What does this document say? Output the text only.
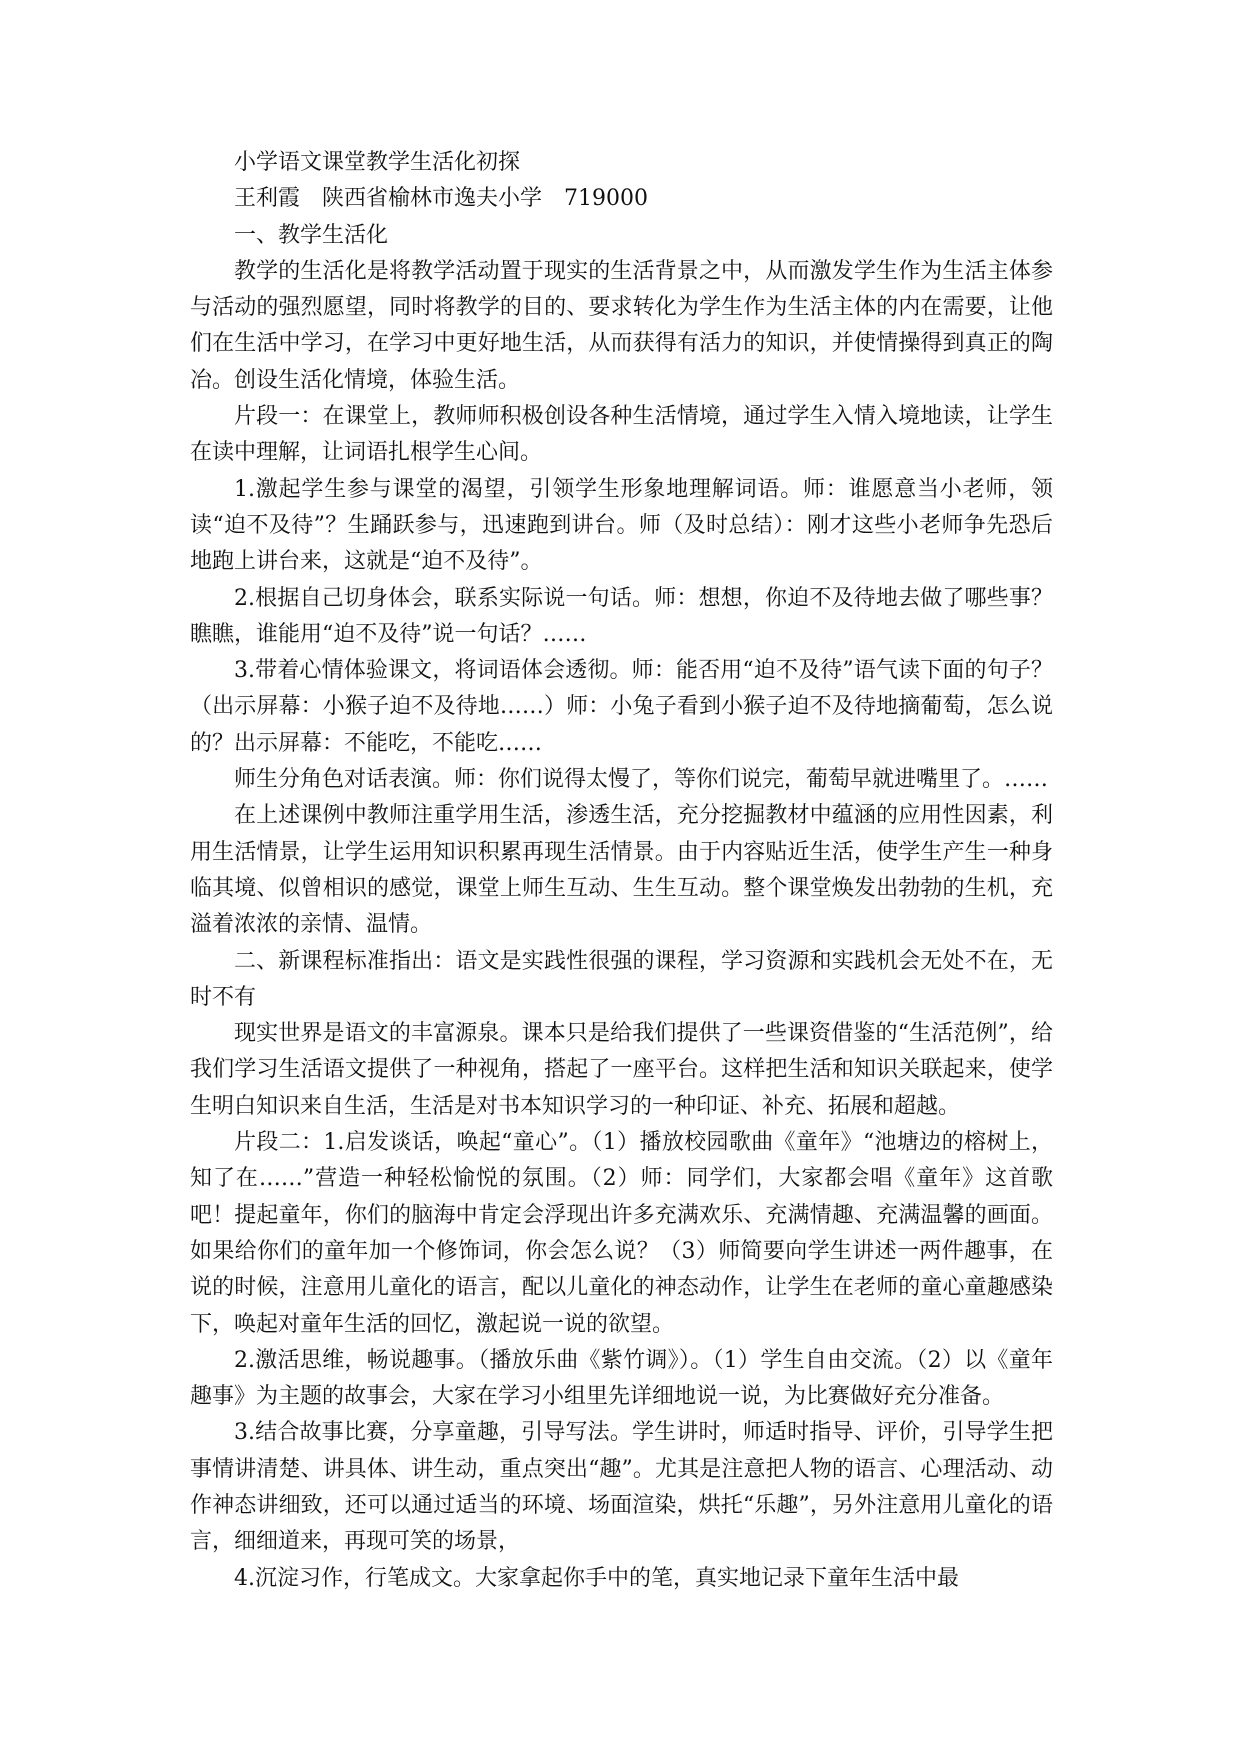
小学语文课堂教学生活化初探

王利霞　陕西省榆林市逸夫小学　719000

一、教学生活化

教学的生活化是将教学活动置于现实的生活背景之中，从而激发学生作为生活主体参与活动的强烈愿望，同时将教学的目的、要求转化为学生作为生活主体的内在需要，让他们在生活中学习，在学习中更好地生活，从而获得有活力的知识，并使情操得到真正的陶冶。创设生活化情境，体验生活。

片段一：在课堂上，教师师积极创设各种生活情境，通过学生入情入境地读，让学生在读中理解，让词语扎根学生心间。

1.激起学生参与课堂的渴望，引领学生形象地理解词语。师：谁愿意当小老师，领读“迫不及待”？生踊跃参与，迅速跑到讲台。师（及时总结）：刚才这些小老师争先恐后地跑上讲台来，这就是“迫不及待”。

2.根据自己切身体会，联系实际说一句话。师：想想，你迫不及待地去做了哪些事？瞧瞧，谁能用“迫不及待”说一句话？……

3.带着心情体验课文，将词语体会透彻。师：能否用“迫不及待”语气读下面的句子？（出示屏幕：小猴子迫不及待地……）师：小兔子看到小猴子迫不及待地摘葡萄，怎么说的？出示屏幕：不能吃，不能吃……

师生分角色对话表演。师：你们说得太慢了，等你们说完，葡萄早就进嘴里了。……

在上述课例中教师注重学用生活，渗透生活，充分挖掘教材中蕴涵的应用性因素，利用生活情景，让学生运用知识积累再现生活情景。由于内容贴近生活，使学生产生一种身临其境、似曾相识的感觉，课堂上师生互动、生生互动。整个课堂焕发出勃勃的生机，充溢着浓浓的亲情、温情。

二、新课程标准指出：语文是实践性很强的课程，学习资源和实践机会无处不在，无时不有

现实世界是语文的丰富源泉。课本只是给我们提供了一些课资借鉴的“生活范例”，给我们学习生活语文提供了一种视角，搭起了一座平台。这样把生活和知识关联起来，使学生明白知识来自生活，生活是对书本知识学习的一种印证、补充、拓展和超越。

片段二：1.启发谈话，唤起“童心”。（1）播放校园歌曲《童年》“池塘边的榕树上，知了在……”营造一种轻松愉悦的氛围。（2）师：同学们，大家都会唱《童年》这首歌吧！提起童年，你们的脑海中肯定会浮现出许多充满欢乐、充满情趣、充满温馨的画面。如果给你们的童年加一个修饰词，你会怎么说？（3）师简要向学生讲述一两件趣事，在说的时候，注意用儿童化的语言，配以儿童化的神态动作，让学生在老师的童心童趣感染下，唤起对童年生活的回忆，激起说一说的欲望。

2.激活思维，畅说趣事。（播放乐曲《紫竹调》）。（1）学生自由交流。（2）以《童年趣事》为主题的故事会，大家在学习小组里先详细地说一说，为比赛做好充分准备。

3.结合故事比赛，分享童趣，引导写法。学生讲时，师适时指导、评价，引导学生把事情讲清楚、讲具体、讲生动，重点突出“趣”。尤其是注意把人物的语言、心理活动、动作神态讲细致，还可以通过适当的环境、场面渲染，烘托“乐趣”，另外注意用儿童化的语言，细细道来，再现可笑的场景，

4.沉淀习作，行笔成文。大家拿起你手中的笔，真实地记录下童年生活中最
